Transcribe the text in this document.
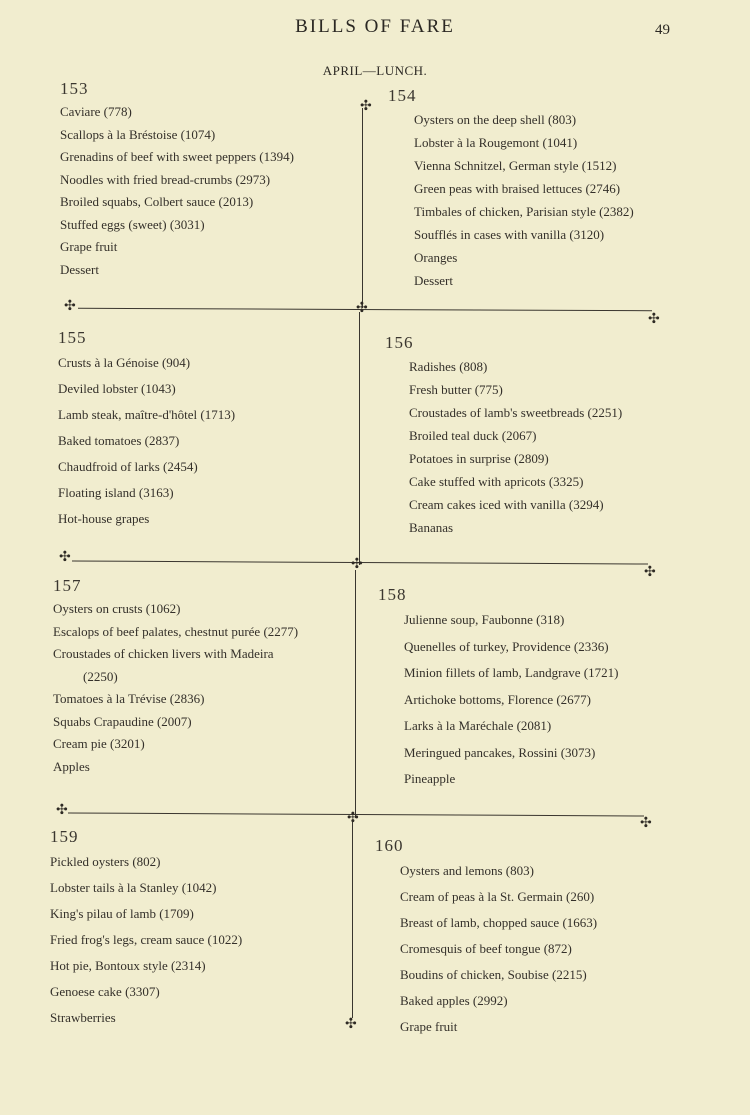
BILLS OF FARE	49
APRIL—LUNCH.
✣
✣	✣
✣
✣	✣
✣
✣
✣	✣
✣
153
Caviare (778)
Scallops à la Bréstoise (1074)
Grenadins of beef with sweet peppers (1394)
Noodles with fried bread-crumbs (2973)
Broiled squabs, Colbert sauce (2013)
Stuffed eggs (sweet) (3031)
Grape fruit
Dessert
154
Oysters on the deep shell (803)
Lobster à la Rougemont (1041)
Vienna Schnitzel, German style (1512)
Green peas with braised lettuces (2746)
Timbales of chicken, Parisian style (2382)
Soufflés in cases with vanilla (3120)
Oranges
Dessert
155
Crusts à la Génoise (904)
Deviled lobster (1043)
Lamb steak, maître-d'hôtel (1713)
Baked tomatoes (2837)
Chaudfroid of larks (2454)
Floating island (3163)
Hot-house grapes
156
Radishes (808)
Fresh butter (775)
Croustades of lamb's sweetbreads (2251)
Broiled teal duck (2067)
Potatoes in surprise (2809)
Cake stuffed with apricots (3325)
Cream cakes iced with vanilla (3294)
Bananas
157
Oysters on crusts (1062)
Escalops of beef palates, chestnut purée (2277)
Croustades of chicken livers with Madeira
(2250)
Tomatoes à la Trévise (2836)
Squabs Crapaudine (2007)
Cream pie (3201)
Apples
158
Julienne soup, Faubonne (318)
Quenelles of turkey, Providence (2336)
Minion fillets of lamb, Landgrave (1721)
Artichoke bottoms, Florence (2677)
Larks à la Maréchale (2081)
Meringued pancakes, Rossini (3073)
Pineapple
159
Pickled oysters (802)
Lobster tails à la Stanley (1042)
King's pilau of lamb (1709)
Fried frog's legs, cream sauce (1022)
Hot pie, Bontoux style (2314)
Genoese cake (3307)
Strawberries
160
Oysters and lemons (803)
Cream of peas à la St. Germain (260)
Breast of lamb, chopped sauce (1663)
Cromesquis of beef tongue (872)
Boudins of chicken, Soubise (2215)
Baked apples (2992)
Grape fruit
